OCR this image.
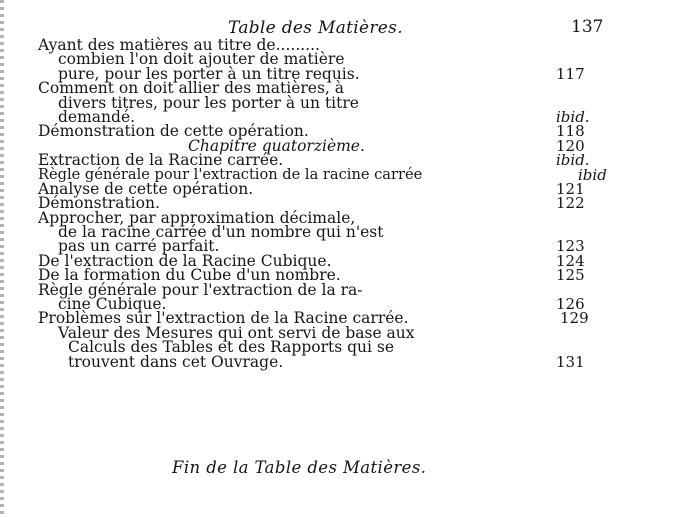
Table des Matières.	137
Ayant des matières au titre de.........
combien l'on doit ajouter de matière
pure, pour les porter à un titre requis.	117
Comment on doit allier des matières, à
divers titres, pour les porter à un titre
demandé.	ibid.
Démonstration de cette opération.	118
Chapitre quatorzième.	120
Extraction de la Racine carrée.	ibid.
Règle générale pour l'extraction de la racine carrée	ibid
Analyse de cette opération.	121
Démonstration.	122
Approcher, par approximation décimale,
de la racine carrée d'un nombre qui n'est
pas un carré parfait.	123
De l'extraction de la Racine Cubique.	124
De la formation du Cube d'un nombre.	125
Règle générale pour l'extraction de la ra-
cine Cubique.	126
Problèmes sur l'extraction de la Racine carrée.	129
Valeur des Mesures qui ont servi de base aux
Calculs des Tables et des Rapports qui se
trouvent dans cet Ouvrage.	131
Fin de la Table des Matières.
